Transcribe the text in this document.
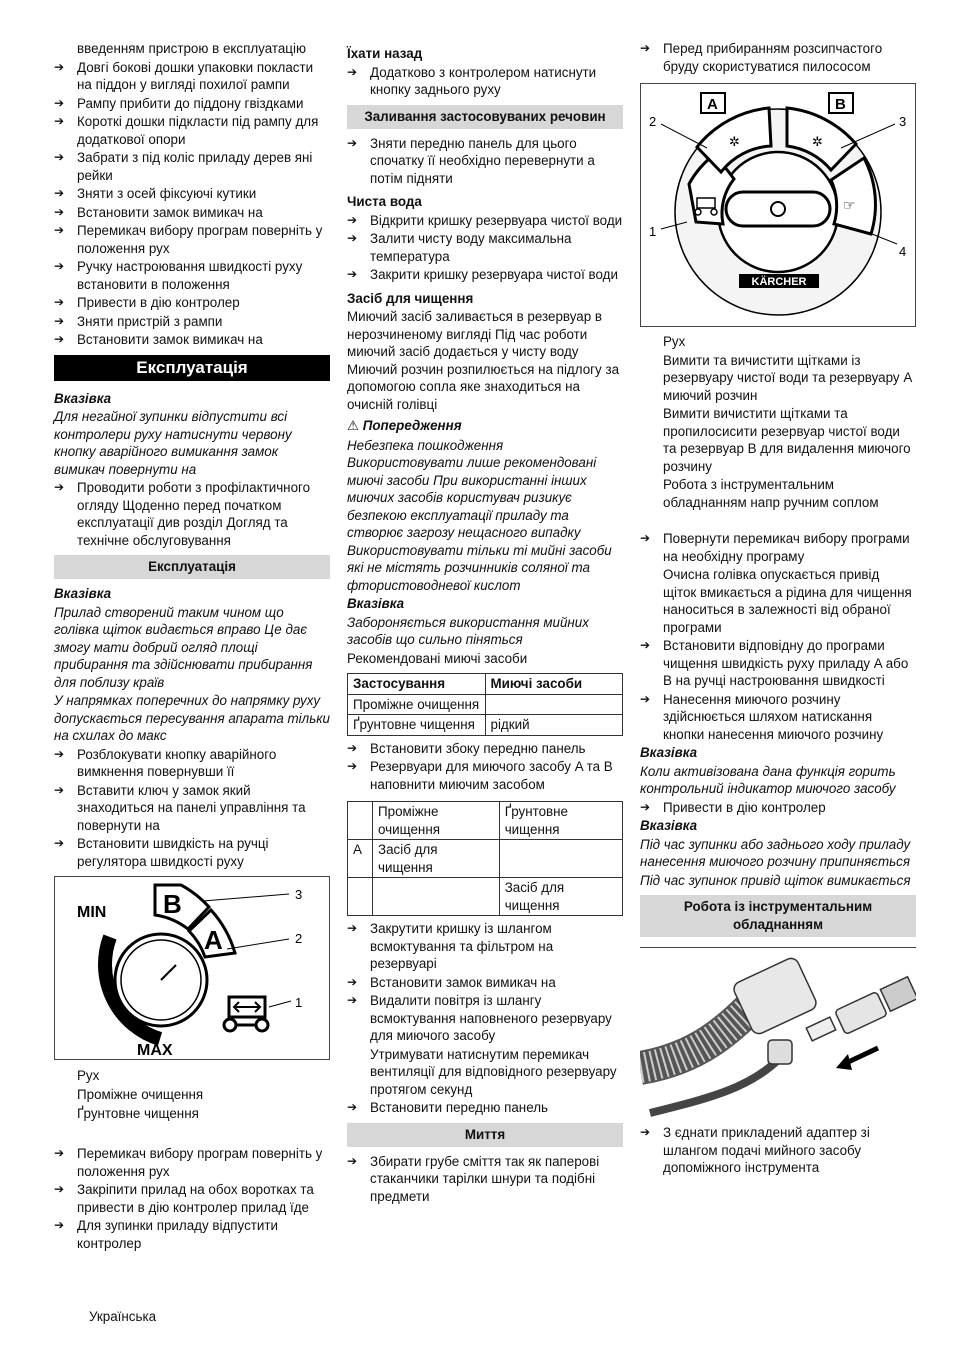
введенням пристрою в експлуатацію
➔ Довгі бокові дошки упаковки покласти на піддон у вигляді похилої рампи
➔ Рампу прибити до піддону гвіздками
➔ Короткі дошки підкласти під рампу для додаткової опори
➔ Забрати з під коліс приладу дерев яні рейки
➔ Зняти з осей фіксуючі кутики
➔ Встановити замок вимикач на
➔ Перемикач вибору програм поверніть у положення рух
➔ Ручку настроювання швидкості руху встановити в положення
➔ Привести в дію контролер
➔ Зняти пристрій з рампи
➔ Встановити замок вимикач на
Експлуатація
Вказівка
Для негайної зупинки відпустити всі контролери руху натиснути червону кнопку аварійного вимикання замок вимикач повернути на
➔ Проводити роботи з профілактичного огляду Щоденно перед початком експлуатації див розділ Догляд та технічне обслуговування
Експлуатація
Вказівка
Прилад створений таким чином що голівка щіток видається вправо Це дає змогу мати добрий огляд площі прибирання та здійснювати прибирання для поблизу країв
У напрямках поперечних до напрямку руху допускається пересування апарата тільки на схилах до макс
➔ Розблокувати кнопку аварійного вимкнення повернувши її
➔ Вставити ключ у замок який знаходиться на панелі управління та повернути на
➔ Встановити швидкість на ручці регулятора швидкості руху
B
A
MIN
MAX
3
2
1
Рух
Проміжне очищення
Ґрунтовне чищення
➔ Перемикач вибору програм поверніть у положення рух
➔ Закріпити прилад на обох воротках та привести в дію контролер прилад їде
➔ Для зупинки приладу відпустити контролер
Їхати назад
➔ Додатково з контролером натиснути кнопку заднього руху
Заливання застосовуваних речовин
➔ Зняти передню панель для цього спочатку її необхідно перевернути а потім підняти
Чиста вода
➔ Відкрити кришку резервуара чистої води
➔ Залити чисту воду максимальна температура
➔ Закрити кришку резервуара чистої води
Засіб для чищення
Миючий засіб заливається в резервуар в нерозчиненому вигляді Під час роботи миючий засіб додається у чисту воду Миючий розчин розпилюється на підлогу за допомогою сопла яке знаходиться на очисній голівці
⚠ Попередження
Небезпека пошкодження Використовувати лише рекомендовані миючі засоби При використанні інших миючих засобів користувач ризикує безпекою експлуатації приладу та створює загрозу нещасного випадку Використовувати тільки ті мийні засоби які не містять розчинників соляної та фтористоводневої кислот
Вказівка
Забороняється використання мийних засобів що сильно піняться
Рекомендовані миючі засоби
Застосування	Миючі засоби
Проміжне очищення	
Ґрунтовне чищення	рідкий
➔ Встановити збоку передню панель
➔ Резервуари для миючого засобу A та B наповнити миючим засобом
	Проміжне очищення	Ґрунтовне чищення
A	Засіб для чищення	
		Засіб для чищення
➔ Закрутити кришку із шлангом всмоктування та фільтром на резервуарі
➔ Встановити замок вимикач на
➔ Видалити повітря із шлангу всмоктування наповненого резервуару для миючого засобу
Утримувати натиснутим перемикач вентиляції для відповідного резервуару протягом секунд
➔ Встановити передню панель
Миття
➔ Збирати грубе сміття так як паперові стаканчики тарілки шнури та подібні предмети
➔ Перед прибиранням розсипчастого бруду скористуватися пилососом
✲	✲
☞
A	B
KÄRCHER
2	3
1
4
Рух
Вимити та вичистити щітками із резервуару чистої води та резервуару A миючий розчин
Вимити вичистити щітками та пропилосисити резервуар чистої води та резервуар B для видалення миючого розчину
Робота з інструментальним обладнанням напр ручним соплом
➔ Повернути перемикач вибору програми на необхідну програму
Очисна голівка опускається привід щіток вмикається а рідина для чищення наноситься в залежності від обраної програми
➔ Встановити відповідну до програми чищення швидкість руху приладу A або B на ручці настроювання швидкості
➔ Нанесення миючого розчину здійснюється шляхом натискання кнопки нанесення миючого розчину
Вказівка
Коли активізована дана функція горить контрольний індикатор миючого засобу
➔ Привести в дію контролер
Вказівка
Під час зупинки або заднього ходу приладу нанесення миючого розчину припиняється
Під час зупинок привід щіток вимикається
Робота із інструментальним обладнанням
➔ З єднати прикладений адаптер зі шлангом подачі мийного засобу допоміжного інструмента
Українська
